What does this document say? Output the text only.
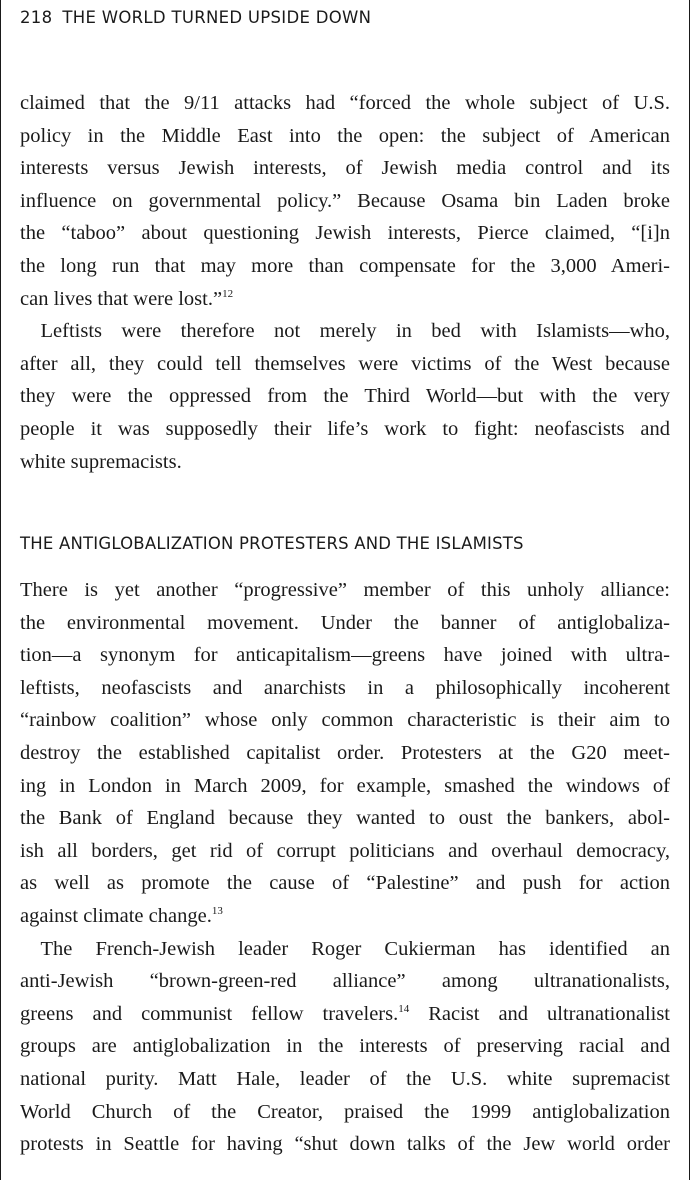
218 THE WORLD TURNED UPSIDE DOWN
claimed that the 9/11 attacks had “forced the whole subject of U.S.
policy in the Middle East into the open: the subject of American
interests versus Jewish interests, of Jewish media control and its
influence on governmental policy.” Because Osama bin Laden broke
the “taboo” about questioning Jewish interests, Pierce claimed, “[i]n
the long run that may more than compensate for the 3,000 Ameri-
can lives that were lost.”$^{12}$
 Leftists were therefore not merely in bed with Islamists—who,
after all, they could tell themselves were victims of the West because
they were the oppressed from the Third World—but with the very
people it was supposedly their life’s work to fight: neofascists and
white supremacists.
THE ANTIGLOBALIZATION PROTESTERS AND THE ISLAMISTS
There is yet another “progressive” member of this unholy alliance:
the environmental movement. Under the banner of antiglobaliza-
tion—a synonym for anticapitalism—greens have joined with ultra-
leftists, neofascists and anarchists in a philosophically incoherent
“rainbow coalition” whose only common characteristic is their aim to
destroy the established capitalist order. Protesters at the G20 meet-
ing in London in March 2009, for example, smashed the windows of
the Bank of England because they wanted to oust the bankers, abol-
ish all borders, get rid of corrupt politicians and overhaul democracy,
as well as promote the cause of “Palestine” and push for action
against climate change.$^{13}$
 The French-Jewish leader Roger Cukierman has identified an
anti-Jewish “brown-green-red alliance” among ultranationalists,
greens and communist fellow travelers.$^{14}$ Racist and ultranationalist
groups are antiglobalization in the interests of preserving racial and
national purity. Matt Hale, leader of the U.S. white supremacist
World Church of the Creator, praised the 1999 antiglobalization
protests in Seattle for having “shut down talks of the Jew world order
